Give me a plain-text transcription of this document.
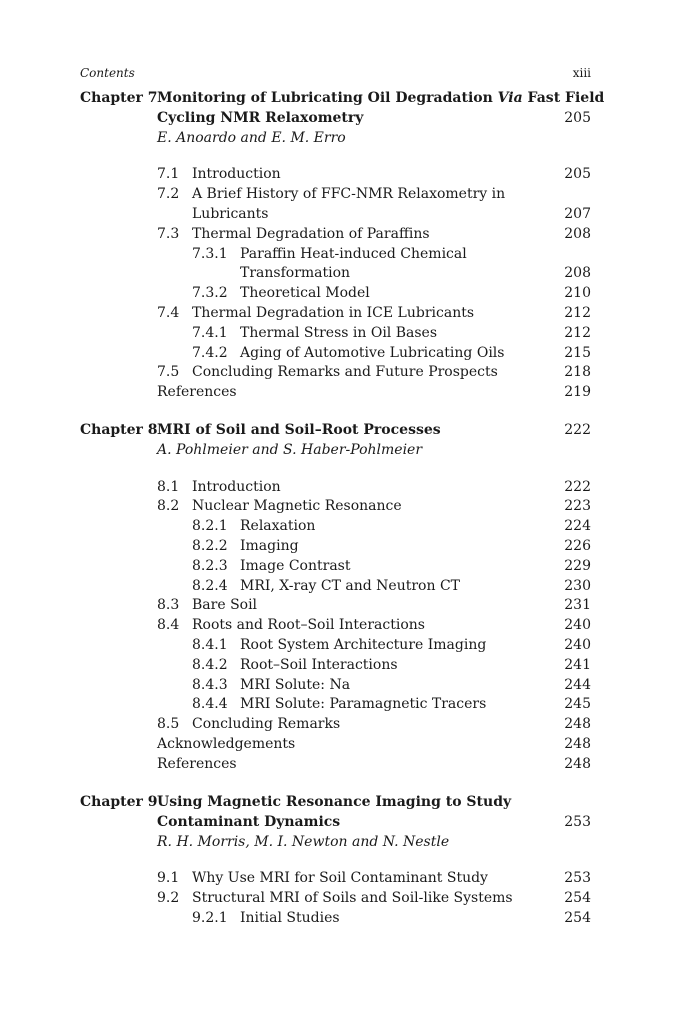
Contents	xiii
Chapter 7 Monitoring of Lubricating Oil Degradation Via Fast Field
Cycling NMR Relaxometry	205
E. Anoardo and E. M. Erro
7.1 Introduction	205
7.2 A Brief History of FFC-NMR Relaxometry in
Lubricants	207
7.3 Thermal Degradation of Paraffins	208
7.3.1 Paraffin Heat-induced Chemical
Transformation	208
7.3.2 Theoretical Model	210
7.4 Thermal Degradation in ICE Lubricants	212
7.4.1 Thermal Stress in Oil Bases	212
7.4.2 Aging of Automotive Lubricating Oils	215
7.5 Concluding Remarks and Future Prospects	218
References	219
Chapter 8 MRI of Soil and Soil–Root Processes	222
A. Pohlmeier and S. Haber-Pohlmeier
8.1 Introduction	222
8.2 Nuclear Magnetic Resonance	223
8.2.1 Relaxation	224
8.2.2 Imaging	226
8.2.3 Image Contrast	229
8.2.4 MRI, X-ray CT and Neutron CT	230
8.3 Bare Soil	231
8.4 Roots and Root–Soil Interactions	240
8.4.1 Root System Architecture Imaging	240
8.4.2 Root–Soil Interactions	241
8.4.3 MRI Solute: Na	244
8.4.4 MRI Solute: Paramagnetic Tracers	245
8.5 Concluding Remarks	248
Acknowledgements	248
References	248
Chapter 9 Using Magnetic Resonance Imaging to Study
Contaminant Dynamics	253
R. H. Morris, M. I. Newton and N. Nestle
9.1 Why Use MRI for Soil Contaminant Study	253
9.2 Structural MRI of Soils and Soil-like Systems	254
9.2.1 Initial Studies	254
